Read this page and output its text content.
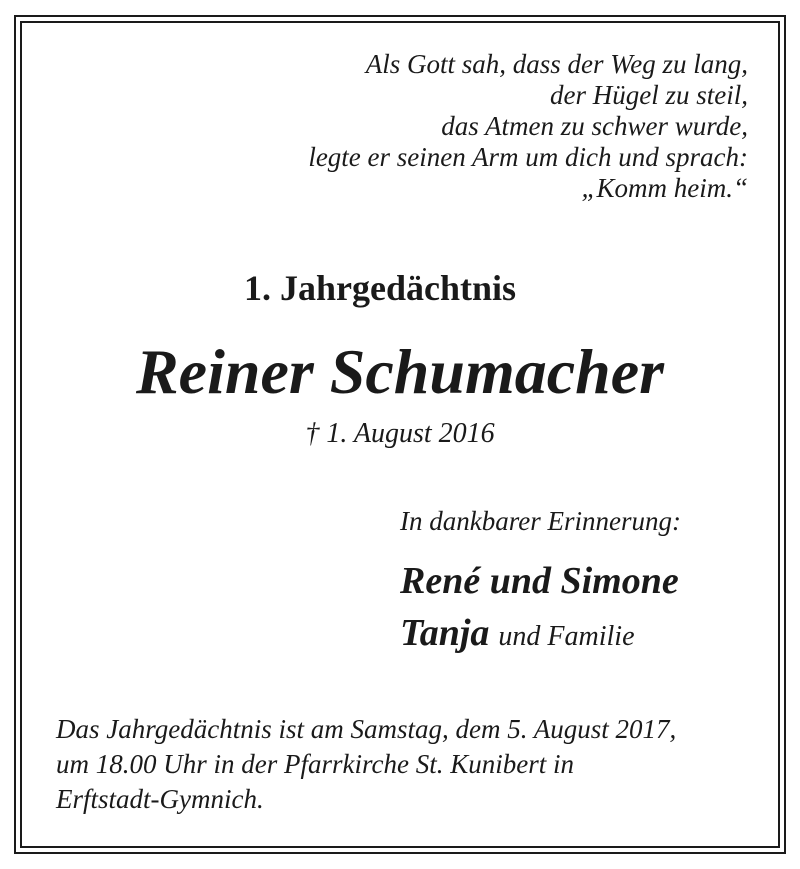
Als Gott sah, dass der Weg zu lang,
der Hügel zu steil,
das Atmen zu schwer wurde,
legte er seinen Arm um dich und sprach:
„Komm heim.“
1. Jahrgedächtnis
Reiner Schumacher
† 1. August 2016
In dankbarer Erinnerung:
René und Simone
Tanja und Familie
Das Jahrgedächtnis ist am Samstag, dem 5. August 2017,
um 18.00 Uhr in der Pfarrkirche St. Kunibert in
Erftstadt-Gymnich.
